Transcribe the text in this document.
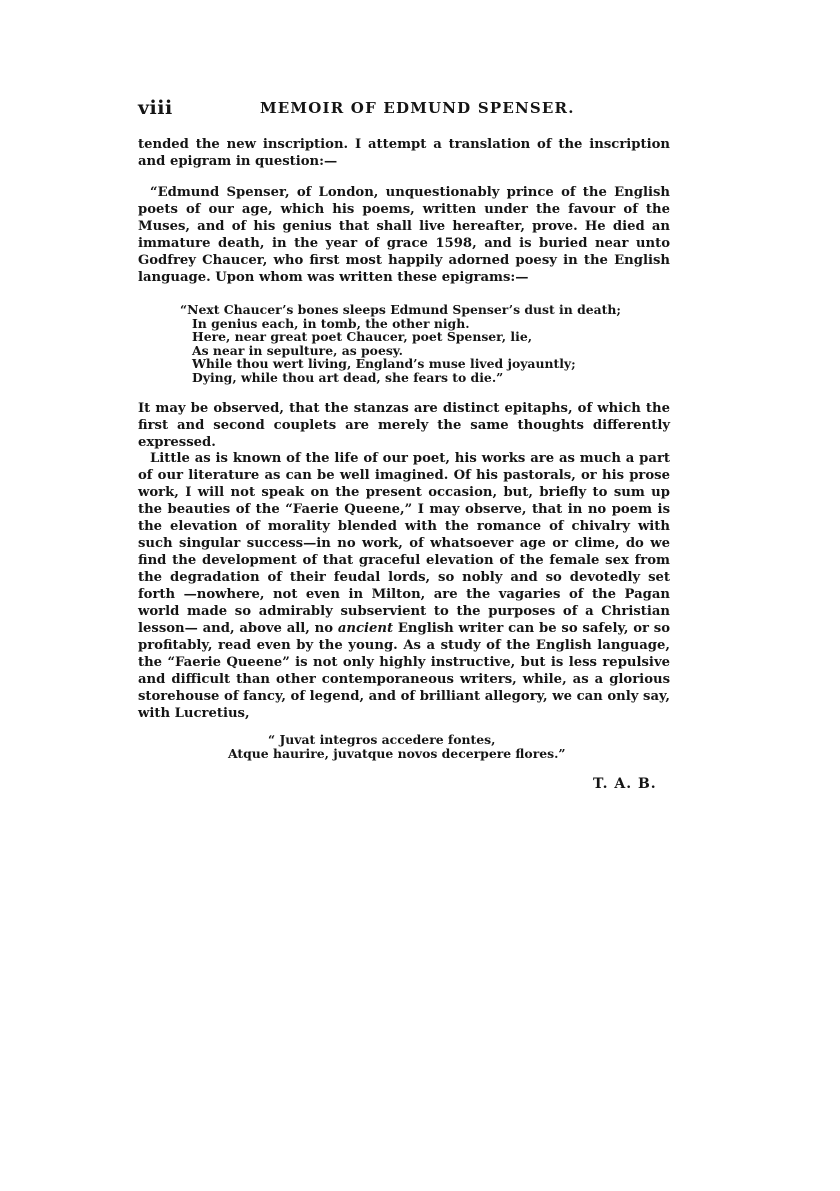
viii	MEMOIR OF EDMUND SPENSER.

tended the new inscription. I attempt a translation of the inscription and epigram in question:—

“Edmund Spenser, of London, unquestionably prince of the English poets of our age, which his poems, written under the favour of the Muses, and of his genius that shall live hereafter, prove. He died an immature death, in the year of grace 1598, and is buried near unto Godfrey Chaucer, who first most happily adorned poesy in the English language. Upon whom was written these epigrams:—

“Next Chaucer’s bones sleeps Edmund Spenser’s dust in death;
In genius each, in tomb, the other nigh.
Here, near great poet Chaucer, poet Spenser, lie,
As near in sepulture, as poesy.
While thou wert living, England’s muse lived joyauntly;
Dying, while thou art dead, she fears to die.”

It may be observed, that the stanzas are distinct epitaphs, of which the first and second couplets are merely the same thoughts differently expressed.

Little as is known of the life of our poet, his works are as much a part of our literature as can be well imagined. Of his pastorals, or his prose work, I will not speak on the present occasion, but, briefly to sum up the beauties of the “Faerie Queene,” I may observe, that in no poem is the elevation of morality blended with the romance of chivalry with such singular success—in no work, of whatsoever age or clime, do we find the development of that graceful elevation of the female sex from the degradation of their feudal lords, so nobly and so devotedly set forth —nowhere, not even in Milton, are the vagaries of the Pagan world made so admirably subservient to the purposes of a Christian lesson— and, above all, no ancient English writer can be so safely, or so profitably, read even by the young. As a study of the English language, the “Faerie Queene” is not only highly instructive, but is less repulsive and difficult than other contemporaneous writers, while, as a glorious storehouse of fancy, of legend, and of brilliant allegory, we can only say, with Lucretius,

“ Juvat integros accedere fontes,
Atque haurire, juvatque novos decerpere flores.”
T. A. B.
